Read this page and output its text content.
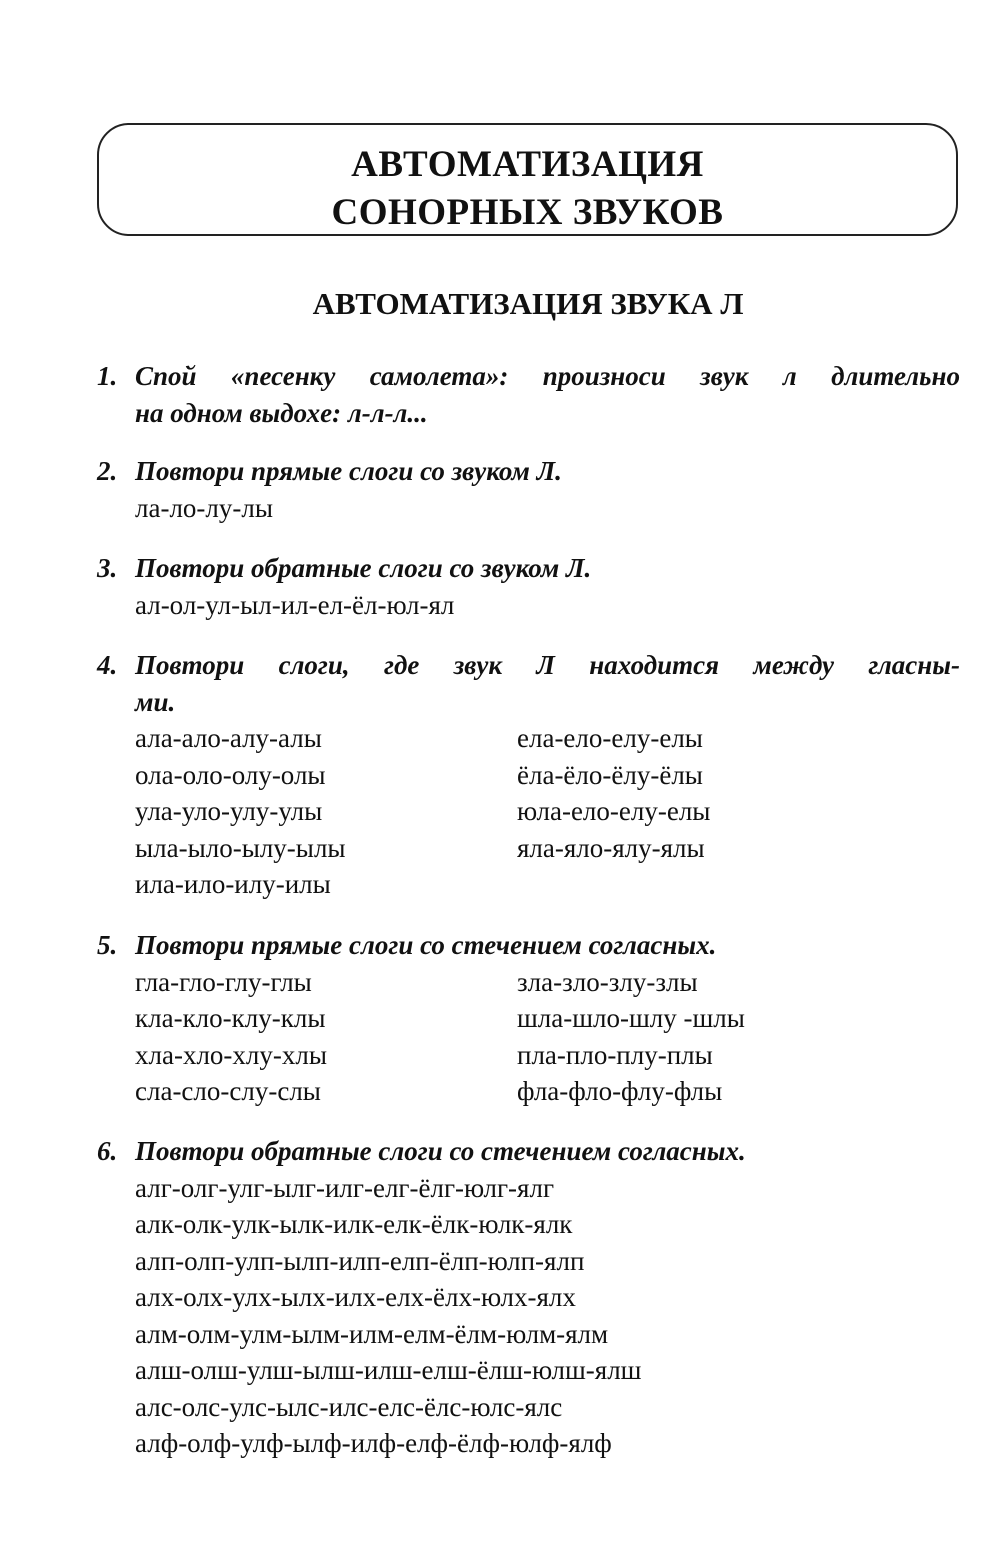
АВТОМАТИЗАЦИЯ
СОНОРНЫХ ЗВУКОВ
АВТОМАТИЗАЦИЯ ЗВУКА Л
1. Спой «песенку самолета»: произноси звук л длительно
на одном выдохе: л-л-л...
2. Повтори прямые слоги со звуком Л.
ла-ло-лу-лы
3. Повтори обратные слоги со звуком Л.
ал-ол-ул-ыл-ил-ел-ёл-юл-ял
4. Повтори слоги, где звук Л находится между гласны-
ми.
ала-ало-алу-алы
ола-оло-олу-олы
ула-уло-улу-улы
ыла-ыло-ылу-ылы
ила-ило-илу-илы
ела-ело-елу-елы
ёла-ёло-ёлу-ёлы
юла-ело-елу-елы
яла-яло-ялу-ялы
5. Повтори прямые слоги со стечением согласных.
гла-гло-глу-глы
кла-кло-клу-клы
хла-хло-хлу-хлы
сла-сло-слу-слы
зла-зло-злу-злы
шла-шло-шлу -шлы
пла-пло-плу-плы
фла-фло-флу-флы
6. Повтори обратные слоги со стечением согласных.
алг-олг-улг-ылг-илг-елг-ёлг-юлг-ялг
алк-олк-улк-ылк-илк-елк-ёлк-юлк-ялк
алп-олп-улп-ылп-илп-елп-ёлп-юлп-ялп
алх-олх-улх-ылх-илх-елх-ёлх-юлх-ялх
алм-олм-улм-ылм-илм-елм-ёлм-юлм-ялм
алш-олш-улш-ылш-илш-елш-ёлш-юлш-ялш
алс-олс-улс-ылс-илс-елс-ёлс-юлс-ялс
алф-олф-улф-ылф-илф-елф-ёлф-юлф-ялф
